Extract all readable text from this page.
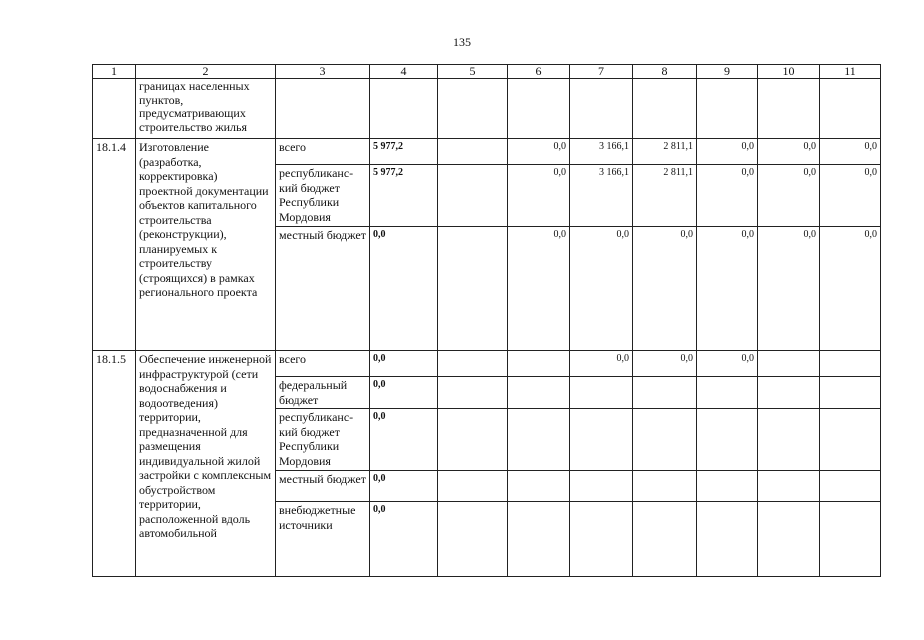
135
1	2	3	4	5	6	7	8	9	10	11
	границах населенных пунктов, предусматривающих строительство жилья									
18.1.4	Изготовление (разработка, корректировка) проектной документации объектов капитального строительства (реконструкции), планируемых к строительству (строящихся) в рамках регионального проекта	всего	5 977,2		0,0	3 166,1	2 811,1	0,0	0,0	0,0
		республиканс-кий бюджет Республики Мордовия	5 977,2		0,0	3 166,1	2 811,1	0,0	0,0	0,0
		местный бюджет	0,0		0,0	0,0	0,0	0,0	0,0	0,0
18.1.5	Обеспечение инженерной инфраструктурой (сети водоснабжения и водоотведения) территории, предназначенной для размещения индивидуальной жилой застройки с комплексным обустройством территории, расположенной вдоль автомобильной	всего	0,0			0,0	0,0	0,0		
		федеральный бюджет	0,0							
		республиканс-кий бюджет Республики Мордовия	0,0							
		местный бюджет	0,0							
		внебюджетные источники	0,0							
